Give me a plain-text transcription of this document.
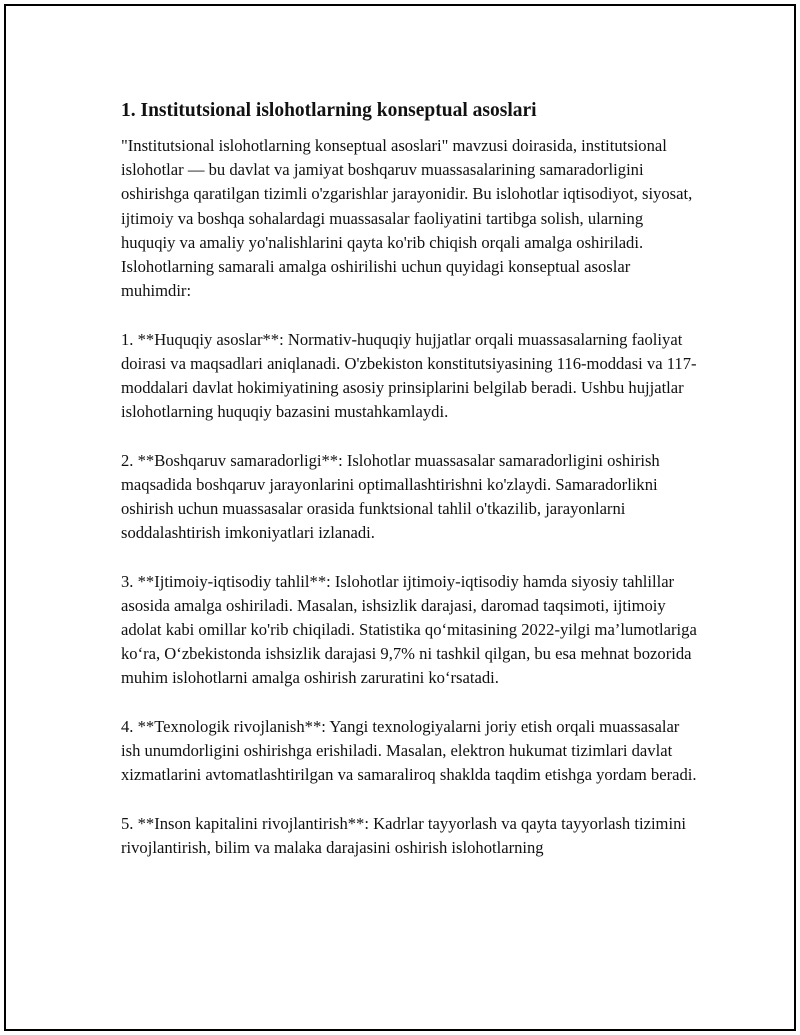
1. Institutsional islohotlarning konseptual asoslari

"Institutsional islohotlarning konseptual asoslari" mavzusi doirasida, institutsional islohotlar — bu davlat va jamiyat boshqaruv muassasalarining samaradorligini oshirishga qaratilgan tizimli o'zgarishlar jarayonidir. Bu islohotlar iqtisodiyot, siyosat, ijtimoiy va boshqa sohalardagi muassasalar faoliyatini tartibga solish, ularning huquqiy va amaliy yo'nalishlarini qayta ko'rib chiqish orqali amalga oshiriladi. Islohotlarning samarali amalga oshirilishi uchun quyidagi konseptual asoslar muhimdir:

1. **Huquqiy asoslar**: Normativ-huquqiy hujjatlar orqali muassasalarning faoliyat doirasi va maqsadlari aniqlanadi. O'zbekiston konstitutsiyasining 116-moddasi va 117-moddalari davlat hokimiyatining asosiy prinsiplarini belgilab beradi. Ushbu hujjatlar islohotlarning huquqiy bazasini mustahkamlaydi.

2. **Boshqaruv samaradorligi**: Islohotlar muassasalar samaradorligini oshirish maqsadida boshqaruv jarayonlarini optimallashtirishni ko'zlaydi. Samaradorlikni oshirish uchun muassasalar orasida funktsional tahlil o'tkazilib, jarayonlarni soddalashtirish imkoniyatlari izlanadi.

3. **Ijtimoiy-iqtisodiy tahlil**: Islohotlar ijtimoiy-iqtisodiy hamda siyosiy tahlillar asosida amalga oshiriladi. Masalan, ishsizlik darajasi, daromad taqsimoti, ijtimoiy adolat kabi omillar ko'rib chiqiladi. Statistika qo‘mitasining 2022-yilgi ma’lumotlariga ko‘ra, O‘zbekistonda ishsizlik darajasi 9,7% ni tashkil qilgan, bu esa mehnat bozorida muhim islohotlarni amalga oshirish zaruratini ko‘rsatadi.

4. **Texnologik rivojlanish**: Yangi texnologiyalarni joriy etish orqali muassasalar ish unumdorligini oshirishga erishiladi. Masalan, elektron hukumat tizimlari davlat xizmatlarini avtomatlashtirilgan va samaraliroq shaklda taqdim etishga yordam beradi.

5. **Inson kapitalini rivojlantirish**: Kadrlar tayyorlash va qayta tayyorlash tizimini rivojlantirish, bilim va malaka darajasini oshirish islohotlarning
